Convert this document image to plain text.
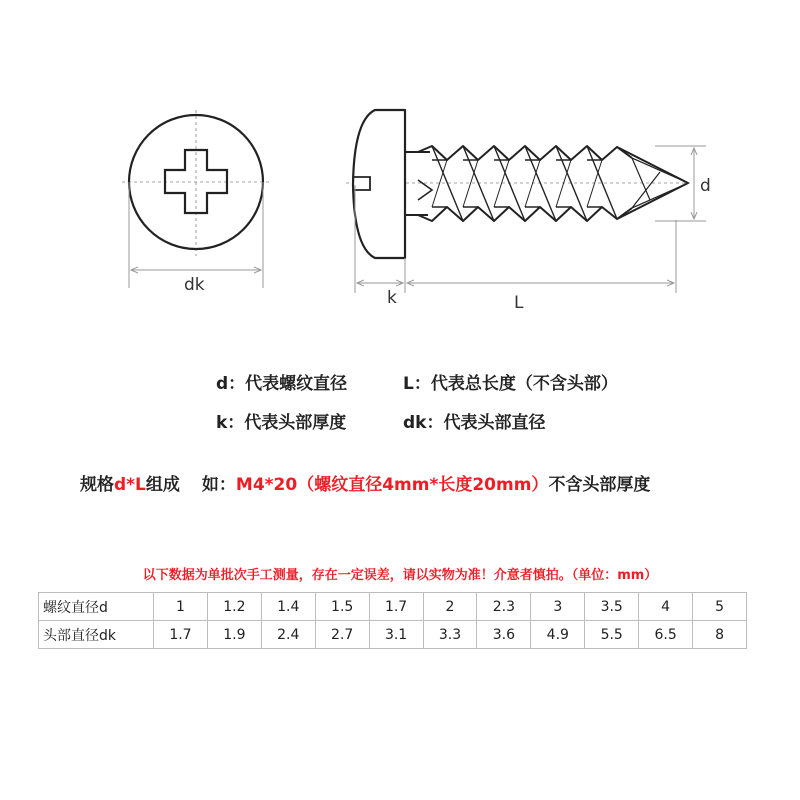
dk
k	L
d
d：代表螺纹直径	L：代表总长度（不含头部）
k：代表头部厚度	dk：代表头部直径
规格d*L组成 如：M4*20（螺纹直径4mm*长度20mm）不含头部厚度
以下数据为单批次手工测量，存在一定误差，请以实物为准！介意者慎拍。（单位：mm）
螺纹直径d	1	1.2	1.4	1.5	1.7	2	2.3	3	3.5	4	5
头部直径dk	1.7	1.9	2.4	2.7	3.1	3.3	3.6	4.9	5.5	6.5	8
